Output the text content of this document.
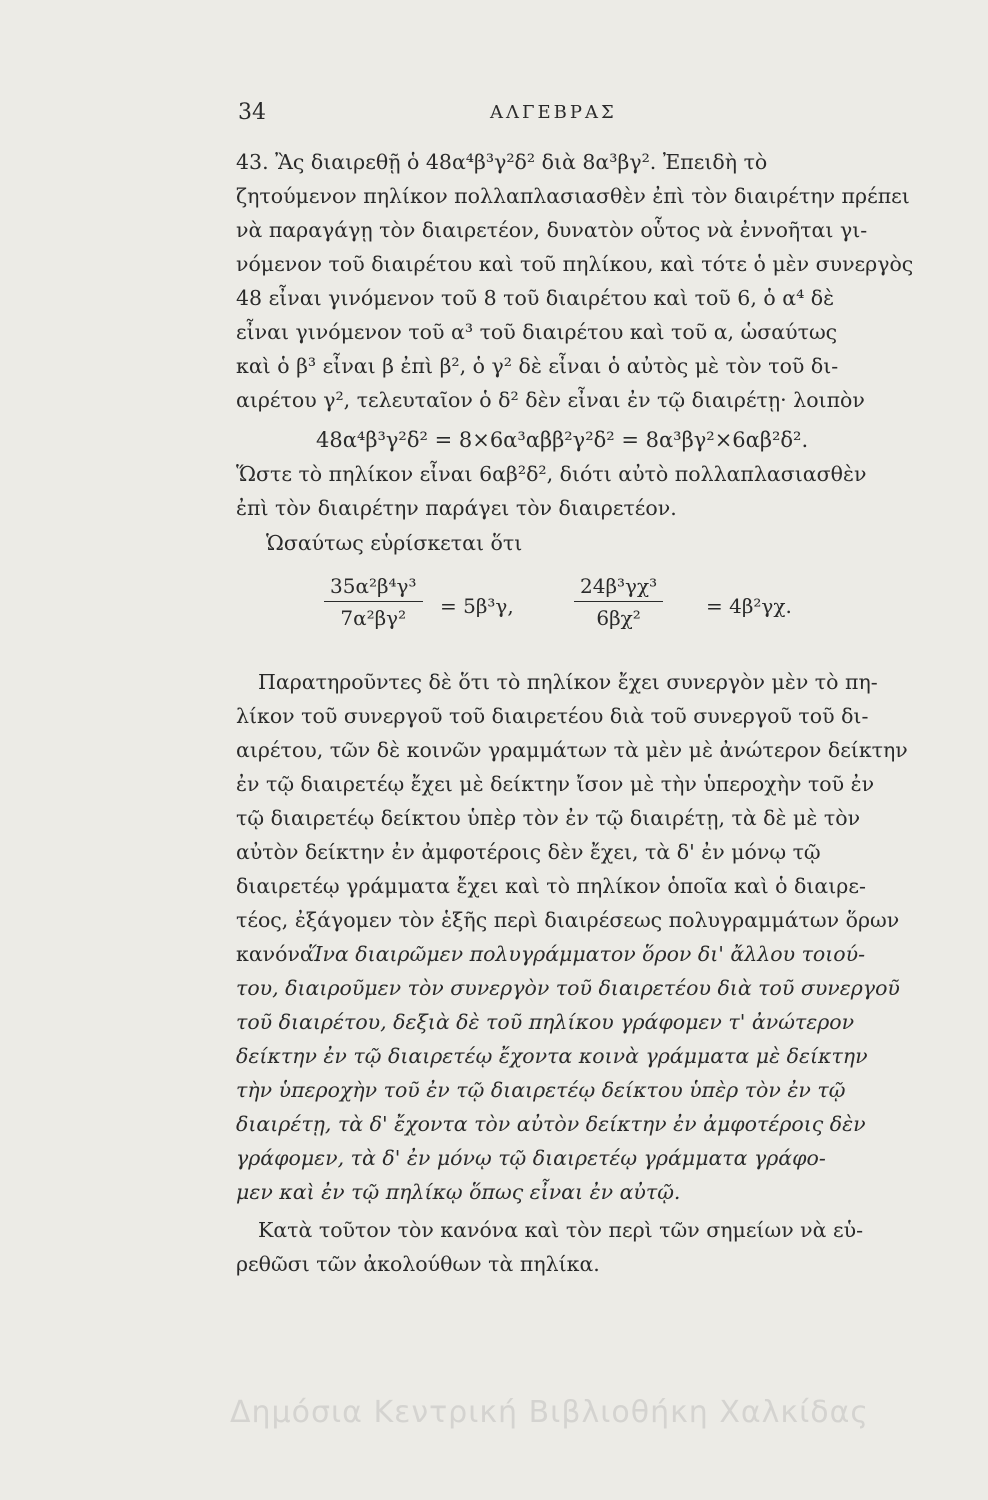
34	ΑΛΓΕΒΡΑΣ
43. Ἂς διαιρεθῇ ὁ 48α⁴β³γ²δ² διὰ 8α³βγ². Ἐπειδὴ τὸ
ζητούμενον πηλίκον πολλαπλασιασθὲν ἐπὶ τὸν διαιρέτην πρέπει
νὰ παραγάγῃ τὸν διαιρετέον, δυνατὸν οὗτος νὰ ἐννοῆται γι-
νόμενον τοῦ διαιρέτου καὶ τοῦ πηλίκου, καὶ τότε ὁ μὲν συνεργὸς
48 εἶναι γινόμενον τοῦ 8 τοῦ διαιρέτου καὶ τοῦ 6, ὁ α⁴ δὲ
εἶναι γινόμενον τοῦ α³ τοῦ διαιρέτου καὶ τοῦ α, ὡσαύτως
καὶ ὁ β³ εἶναι β ἐπὶ β², ὁ γ² δὲ εἶναι ὁ αὐτὸς μὲ τὸν τοῦ δι-
αιρέτου γ², τελευταῖον ὁ δ² δὲν εἶναι ἐν τῷ διαιρέτῃ· λοιπὸν
48α⁴β³γ²δ² = 8×6α³αββ²γ²δ² = 8α³βγ²×6αβ²δ².
Ὥστε τὸ πηλίκον εἶναι 6αβ²δ², διότι αὐτὸ πολλαπλασιασθὲν
ἐπὶ τὸν διαιρέτην παράγει τὸν διαιρετέον.
Ὡσαύτως εὑρίσκεται ὅτι
35α²β⁴γ³
7α²βγ²	= 5β³γ,
24β³γχ³
6βχ²	= 4β²γχ.
Παρατηροῦντες δὲ ὅτι τὸ πηλίκον ἔχει συνεργὸν μὲν τὸ πη-
λίκον τοῦ συνεργοῦ τοῦ διαιρετέου διὰ τοῦ συνεργοῦ τοῦ δι-
αιρέτου, τῶν δὲ κοινῶν γραμμάτων τὰ μὲν μὲ ἀνώτερον δείκτην
ἐν τῷ διαιρετέῳ ἔχει μὲ δείκτην ἴσον μὲ τὴν ὑπεροχὴν τοῦ ἐν
τῷ διαιρετέῳ δείκτου ὑπὲρ τὸν ἐν τῷ διαιρέτῃ, τὰ δὲ μὲ τὸν
αὐτὸν δείκτην ἐν ἀμφοτέροις δὲν ἔχει, τὰ δ' ἐν μόνῳ τῷ
διαιρετέῳ γράμματα ἔχει καὶ τὸ πηλίκον ὁποῖα καὶ ὁ διαιρε-
τέος, ἐξάγομεν τὸν ἑξῆς περὶ διαιρέσεως πολυγραμμάτων ὅρων
κανόνα.
Ἵνα διαιρῶμεν πολυγράμματον ὅρον δι' ἄλλου τοιού-
του, διαιροῦμεν τὸν συνεργὸν τοῦ διαιρετέου διὰ τοῦ συνεργοῦ
τοῦ διαιρέτου, δεξιὰ δὲ τοῦ πηλίκου γράφομεν τ' ἀνώτερον
δείκτην ἐν τῷ διαιρετέῳ ἔχοντα κοινὰ γράμματα μὲ δείκτην
τὴν ὑπεροχὴν τοῦ ἐν τῷ διαιρετέῳ δείκτου ὑπὲρ τὸν ἐν τῷ
διαιρέτῃ, τὰ δ' ἔχοντα τὸν αὐτὸν δείκτην ἐν ἀμφοτέροις δὲν
γράφομεν, τὰ δ' ἐν μόνῳ τῷ διαιρετέῳ γράμματα γράφο-
μεν καὶ ἐν τῷ πηλίκῳ ὅπως εἶναι ἐν αὐτῷ.
Κατὰ τοῦτον τὸν κανόνα καὶ τὸν περὶ τῶν σημείων νὰ εὑ-
ρεθῶσι τῶν ἀκολούθων τὰ πηλίκα.
Δημόσια Κεντρική Βιβλιοθήκη Χαλκίδας
